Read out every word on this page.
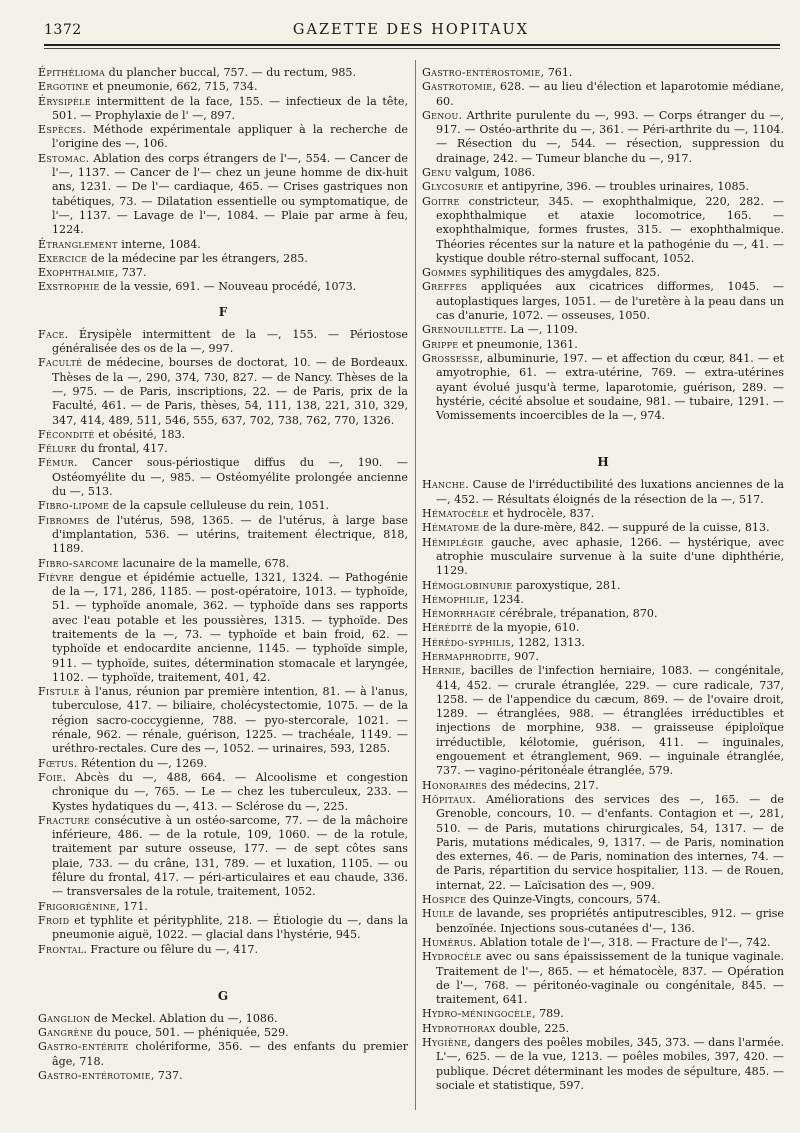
1372	GAZETTE DES HOPITAUX

Épithélioma du plancher buccal, 757. — du rectum, 985.

Ergotine et pneumonie, 662, 715, 734.

Érysipèle intermittent de la face, 155. — infectieux de la tête, 501. — Prophylaxie de l' —, 897.

Espèces. Méthode expérimentale appliquer à la recherche de l'origine des —, 106.

Estomac. Ablation des corps étrangers de l'—, 554. — Cancer de l'—, 1137. — Cancer de l'— chez un jeune homme de dix-huit ans, 1231. — De l'— cardiaque, 465. — Crises gastriques non tabétiques, 73. — Dilatation essentielle ou symptomatique, de l'—, 1137. — Lavage de l'—, 1084. — Plaie par arme à feu, 1224.

Étranglement interne, 1084.

Exercice de la médecine par les étrangers, 285.

Exophthalmie, 737.

Exstrophie de la vessie, 691. — Nouveau procédé, 1073.

F

Face. Érysipèle intermittent de la —, 155. — Périostose généralisée des os de la —, 997.

Faculté de médecine, bourses de doctorat, 10. — de Bordeaux. Thèses de la —, 290, 374, 730, 827. — de Nancy. Thèses de la —, 975. — de Paris, inscriptions, 22. — de Paris, prix de la Faculté, 461. — de Paris, thèses, 54, 111, 138, 221, 310, 329, 347, 414, 489, 511, 546, 555, 637, 702, 738, 762, 770, 1326.

Fécondité et obésité, 183.

Fêlure du frontal, 417.

Fémur. Cancer sous-périostique diffus du —, 190. — Ostéomyélite du —, 985. — Ostéomyélite prolongée ancienne du —, 513.

Fibro-lipome de la capsule celluleuse du rein, 1051.

Fibromes de l'utérus, 598, 1365. — de l'utérus, à large base d'implantation, 536. — utérins, traitement électrique, 818, 1189.

Fibro-sarcome lacunaire de la mamelle, 678.

Fièvre dengue et épidémie actuelle, 1321, 1324. — Pathogénie de la —, 171, 286, 1185. — post-opératoire, 1013. — typhoïde, 51. — typhoïde anomale, 362. — typhoïde dans ses rapports avec l'eau potable et les poussières, 1315. — typhoïde. Des traitements de la —, 73. — typhoïde et bain froid, 62. — typhoïde et endocardite ancienne, 1145. — typhoïde simple, 911. — typhoïde, suites, détermination stomacale et laryngée, 1102. — typhoïde, traitement, 401, 42.

Fistule à l'anus, réunion par première intention, 81. — à l'anus, tuberculose, 417. — biliaire, cholécystectomie, 1075. — de la région sacro-coccygienne, 788. — pyo-stercorale, 1021. — rénale, 962. — rénale, guérison, 1225. — trachéale, 1149. — uréthro-rectales. Cure des —, 1052. — urinaires, 593, 1285.

Fœtus. Rétention du —, 1269.

Foie. Abcès du —, 488, 664. — Alcoolisme et congestion chronique du —, 765. — Le — chez les tuberculeux, 233. — Kystes hydatiques du —, 413. — Sclérose du —, 225.

Fracture consécutive à un ostéo-sarcome, 77. — de la mâchoire inférieure, 486. — de la rotule, 109, 1060. — de la rotule, traitement par suture osseuse, 177. — de sept côtes sans plaie, 733. — du crâne, 131, 789. — et luxation, 1105. — ou fêlure du frontal, 417. — péri-articulaires et eau chaude, 336. — transversales de la rotule, traitement, 1052.

Frigorigénine, 171.

Froid et typhlite et pérityphlite, 218. — Étiologie du —, dans la pneumonie aiguë, 1022. — glacial dans l'hystérie, 945.

Frontal. Fracture ou fêlure du —, 417.

G

Ganglion de Meckel. Ablation du —, 1086.

Gangrène du pouce, 501. — phéniquée, 529.

Gastro-entérite cholériforme, 356. — des enfants du premier âge, 718.

Gastro-entérotomie, 737.

Gastro-entérostomie, 761.

Gastrotomie, 628. — au lieu d'élection et laparotomie médiane, 60.

Genou. Arthrite purulente du —, 993. — Corps étranger du —, 917. — Ostéo-arthrite du —, 361. — Péri-arthrite du —, 1104. — Résection du —, 544. — résection, suppression du drainage, 242. — Tumeur blanche du —, 917.

Genu valgum, 1086.

Glycosurie et antipyrine, 396. — troubles urinaires, 1085.

Goitre constricteur, 345. — exophthalmique, 220, 282. — exophthalmique et ataxie locomotrice, 165. — exophthalmique, formes frustes, 315. — exophthalmique. Théories récentes sur la nature et la pathogénie du —, 41. — kystique double rétro-sternal suffocant, 1052.

Gommes syphilitiques des amygdales, 825.

Greffes appliquées aux cicatrices difformes, 1045. — autoplastiques larges, 1051. — de l'uretère à la peau dans un cas d'anurie, 1072. — osseuses, 1050.

Grenouillette. La —, 1109.

Grippe et pneumonie, 1361.

Grossesse, albuminurie, 197. — et affection du cœur, 841. — et amyotrophie, 61. — extra-utérine, 769. — extra-utérines ayant évolué jusqu'à terme, laparotomie, guérison, 289. — hystérie, cécité absolue et soudaine, 981. — tubaire, 1291. — Vomissements incoercibles de la —, 974.

H

Hanche. Cause de l'irréductibilité des luxations anciennes de la —, 452. — Résultats éloignés de la résection de la —, 517.

Hématocèle et hydrocèle, 837.

Hématome de la dure-mère, 842. — suppuré de la cuisse, 813.

Hémiplégie gauche, avec aphasie, 1266. — hystérique, avec atrophie musculaire survenue à la suite d'une diphthérie, 1129.

Hémoglobinurie paroxystique, 281.

Hémophilie, 1234.

Hémorrhagie cérébrale, trépanation, 870.

Hérédité de la myopie, 610.

Hérédo-syphilis, 1282, 1313.

Hermaphrodite, 907.

Hernie, bacilles de l'infection herniaire, 1083. — congénitale, 414, 452. — crurale étranglée, 229. — cure radicale, 737, 1258. — de l'appendice du cæcum, 869. — de l'ovaire droit, 1289. — étranglées, 988. — étranglées irréductibles et injections de morphine, 938. — graisseuse épiploïque irréductible, kélotomie, guérison, 411. — inguinales, engouement et étranglement, 969. — inguinale étranglée, 737. — vagino-péritonéale étranglée, 579.

Honoraires des médecins, 217.

Hôpitaux. Améliorations des services des —, 165. — de Grenoble, concours, 10. — d'enfants. Contagion et —, 281, 510. — de Paris, mutations chirurgicales, 54, 1317. — de Paris, mutations médicales, 9, 1317. — de Paris, nomination des externes, 46. — de Paris, nomination des internes, 74. — de Paris, répartition du service hospitalier, 113. — de Rouen, internat, 22. — Laïcisation des —, 909.

Hospice des Quinze-Vingts, concours, 574.

Huile de lavande, ses propriétés antiputrescibles, 912. — grise benzoïnée. Injections sous-cutanées d'—, 136.

Humérus. Ablation totale de l'—, 318. — Fracture de l'—, 742.

Hydrocèle avec ou sans épaississement de la tunique vaginale. Traitement de l'—, 865. — et hématocèle, 837. — Opération de l'—, 768. — péritonéo-vaginale ou congénitale, 845. — traitement, 641.

Hydro-méningocèle, 789.

Hydrothorax double, 225.

Hygiène, dangers des poêles mobiles, 345, 373. — dans l'armée. L'—, 625. — de la vue, 1213. — poêles mobiles, 397, 420. — publique. Décret déterminant les modes de sépulture, 485. — sociale et statistique, 597.
